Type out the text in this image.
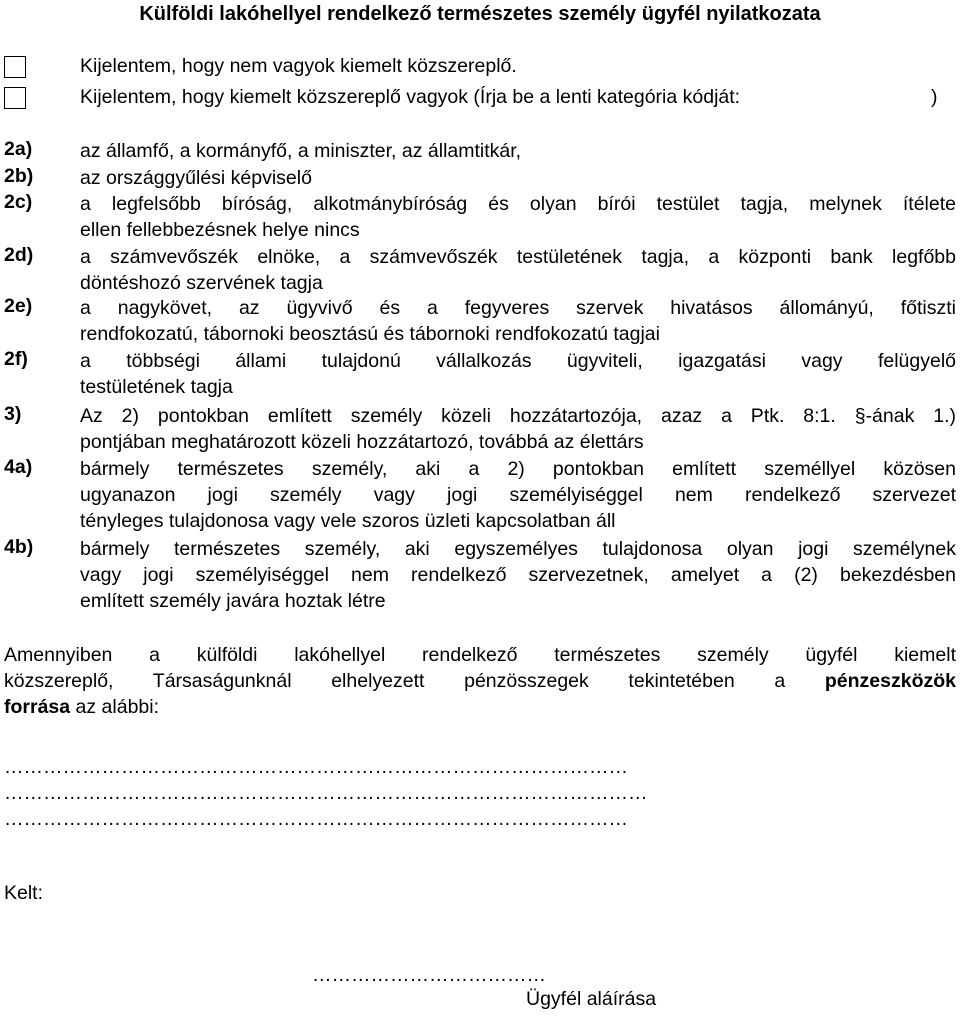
Külföldi lakóhellyel rendelkező természetes személy ügyfél nyilatkozata
Kijelentem, hogy nem vagyok kiemelt közszereplő.
Kijelentem, hogy kiemelt közszereplő vagyok (Írja be a lenti kategória kódját:	)
2a)	az államfő, a kormányfő, a miniszter, az államtitkár,
2b)	az országgyűlési képviselő
2c)	a legfelsőbb bíróság, alkotmánybíróság és olyan bírói testület tagja, melynek ítélete
ellen fellebbezésnek helye nincs
2d)	a számvevőszék elnöke, a számvevőszék testületének tagja, a központi bank legfőbb
döntéshozó szervének tagja
2e)	a nagykövet, az ügyvivő és a fegyveres szervek hivatásos állományú, főtiszti
rendfokozatú, tábornoki beosztású és tábornoki rendfokozatú tagjai
2f)	a többségi állami tulajdonú vállalkozás ügyviteli, igazgatási vagy felügyelő
testületének tagja
3)	Az 2) pontokban említett személy közeli hozzátartozója, azaz a Ptk. 8:1. §-ának 1.)
pontjában meghatározott közeli hozzátartozó, továbbá az élettárs
4a)	bármely természetes személy, aki a 2) pontokban említett személlyel közösen
ugyanazon jogi személy vagy jogi személyiséggel nem rendelkező szervezet
tényleges tulajdonosa vagy vele szoros üzleti kapcsolatban áll
4b)	bármely természetes személy, aki egyszemélyes tulajdonosa olyan jogi személynek
vagy jogi személyiséggel nem rendelkező szervezetnek, amelyet a (2) bekezdésben
említett személy javára hoztak létre
Amennyiben a külföldi lakóhellyel rendelkező természetes személy ügyfél kiemelt
közszereplő, Társaságunknál elhelyezett pénzösszegek tekintetében a pénzeszközök
forrása az alábbi:
……………………………………………………………………………………
………………………………………………………………………………………
……………………………………………………………………………………
Kelt:
………………………………
Ügyfél aláírása
